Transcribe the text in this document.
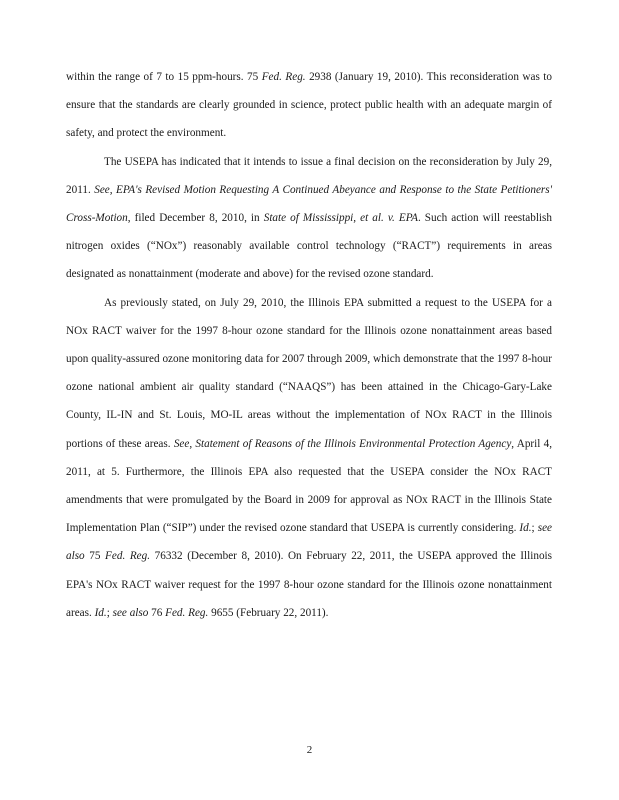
within the range of 7 to 15 ppm-hours. 75 Fed. Reg. 2938 (January 19, 2010). This reconsideration was to ensure that the standards are clearly grounded in science, protect public health with an adequate margin of safety, and protect the environment.

The USEPA has indicated that it intends to issue a final decision on the reconsideration by July 29, 2011. See, EPA's Revised Motion Requesting A Continued Abeyance and Response to the State Petitioners' Cross-Motion, filed December 8, 2010, in State of Mississippi, et al. v. EPA. Such action will reestablish nitrogen oxides (“NOx”) reasonably available control technology (“RACT”) requirements in areas designated as nonattainment (moderate and above) for the revised ozone standard.

As previously stated, on July 29, 2010, the Illinois EPA submitted a request to the USEPA for a NOx RACT waiver for the 1997 8-hour ozone standard for the Illinois ozone nonattainment areas based upon quality-assured ozone monitoring data for 2007 through 2009, which demonstrate that the 1997 8-hour ozone national ambient air quality standard (“NAAQS”) has been attained in the Chicago-Gary-Lake County, IL-IN and St. Louis, MO-IL areas without the implementation of NOx RACT in the Illinois portions of these areas. See, Statement of Reasons of the Illinois Environmental Protection Agency, April 4, 2011, at 5. Furthermore, the Illinois EPA also requested that the USEPA consider the NOx RACT amendments that were promulgated by the Board in 2009 for approval as NOx RACT in the Illinois State Implementation Plan (“SIP”) under the revised ozone standard that USEPA is currently considering. Id.; see also 75 Fed. Reg. 76332 (December 8, 2010). On February 22, 2011, the USEPA approved the Illinois EPA's NOx RACT waiver request for the 1997 8-hour ozone standard for the Illinois ozone nonattainment areas. Id.; see also 76 Fed. Reg. 9655 (February 22, 2011).

2
